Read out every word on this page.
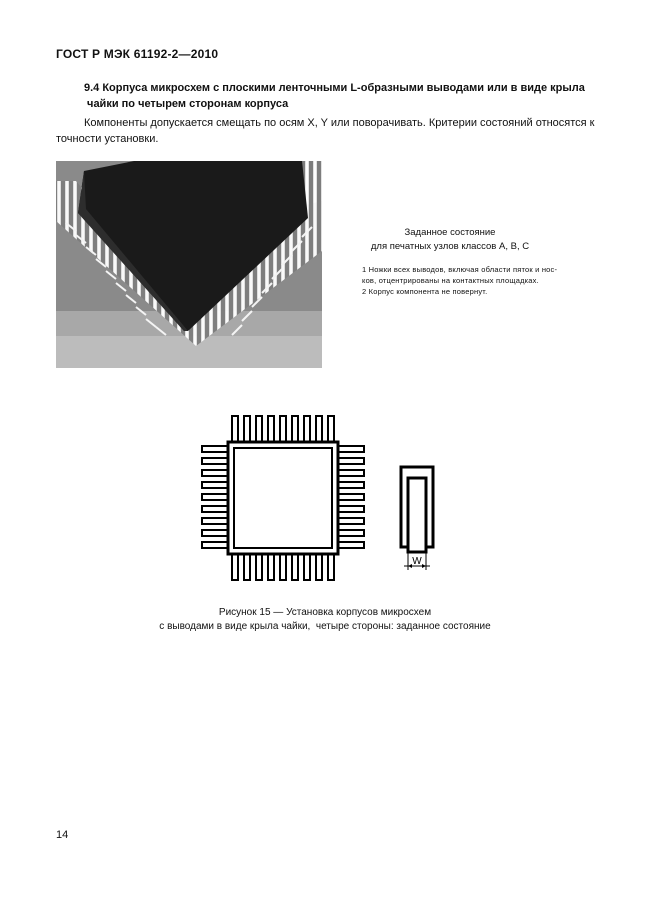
ГОСТ Р МЭК 61192-2—2010
9.4 Корпуса микросхем с плоскими ленточными L-образными выводами или в виде крыла
чайки по четырем сторонам корпуса
Компоненты допускается смещать по осям X, Y или поворачивать. Критерии состояний относятся к
точности установки.
Заданное состояние
для печатных узлов классов A, B, C
1 Ножки всех выводов, включая области пяток и нос-
ков, отцентрированы на контактных площадках.
2 Корпус компонента не повернут.
W
Рисунок 15 — Установка корпусов микросхем
с выводами в виде крыла чайки,  четыре стороны: заданное состояние
14
